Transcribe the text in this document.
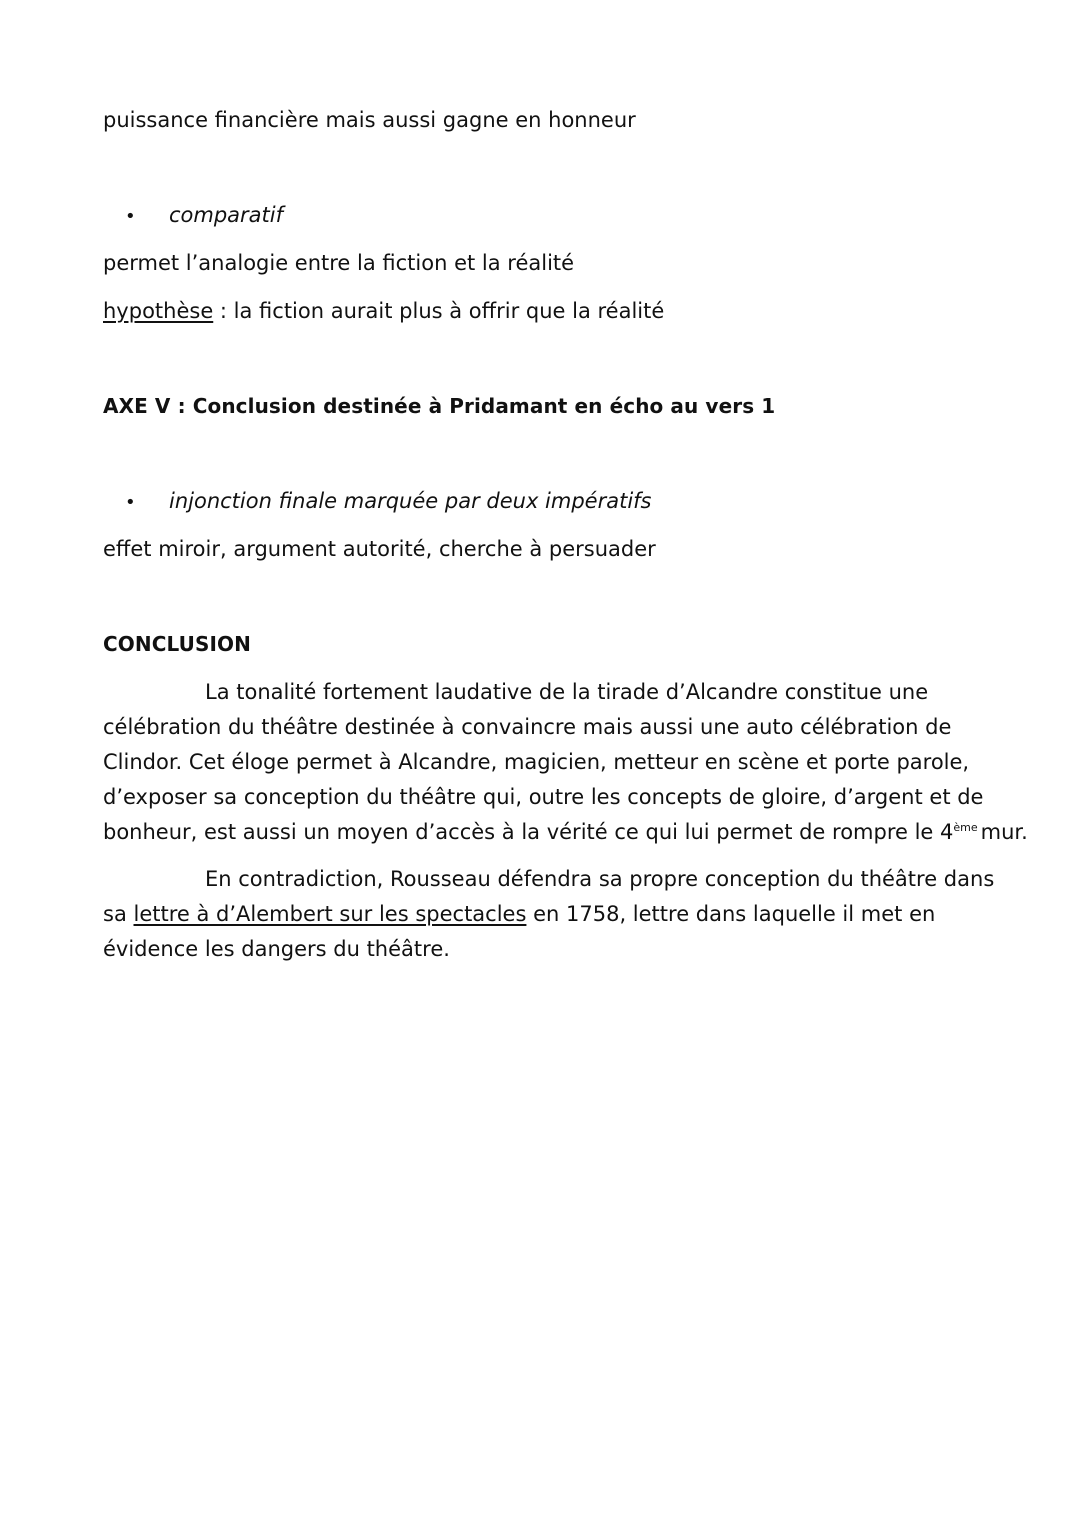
puissance financière mais aussi gagne en honneur
• comparatif
permet l’analogie entre la fiction et la réalité
hypothèse : la fiction aurait plus à offrir que la réalité
AXE V : Conclusion destinée à Pridamant en écho au vers 1
• injonction finale marquée par deux impératifs
effet miroir, argument autorité, cherche à persuader
CONCLUSION
La tonalité fortement laudative de la tirade d’Alcandre constitue une
célébration du théâtre destinée à convaincre mais aussi une auto célébration de
Clindor. Cet éloge permet à Alcandre, magicien, metteur en scène et porte parole,
d’exposer sa conception du théâtre qui, outre les concepts de gloire, d’argent et de
bonheur, est aussi un moyen d’accès à la vérité ce qui lui permet de rompre le 4ème mur.
En contradiction, Rousseau défendra sa propre conception du théâtre dans
sa lettre à d’Alembert sur les spectacles en 1758, lettre dans laquelle il met en
évidence les dangers du théâtre.
